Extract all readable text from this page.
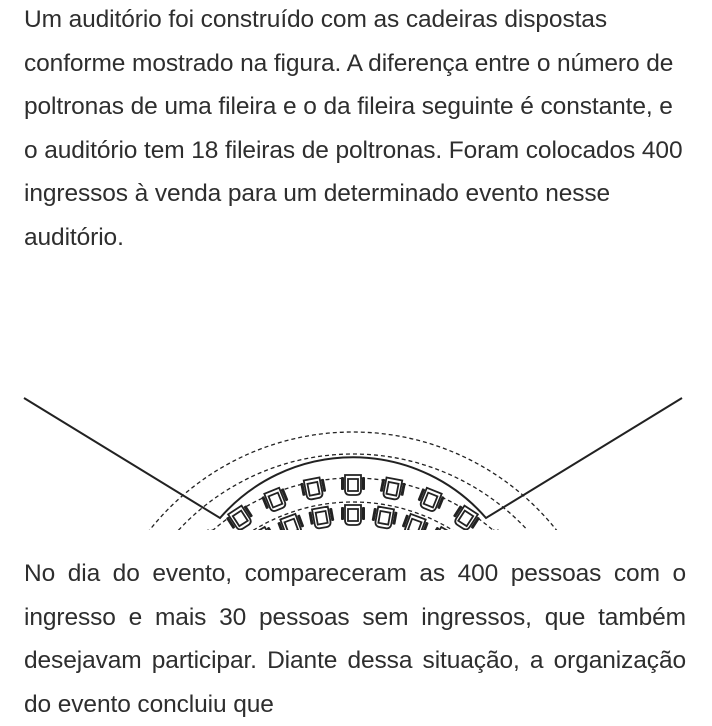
Um auditório foi construído com as cadeiras dispostas conforme mostrado na figura. A diferença entre o número de poltronas de uma fileira e o da fileira seguinte é constante, e o auditório tem 18 fileiras de poltronas. Foram colocados 400 ingressos à venda para um determinado evento nesse auditório.

No dia do evento, compareceram as 400 pessoas com o ingresso e mais 30 pessoas sem ingressos, que também desejavam participar. Diante dessa situação, a organização do evento concluiu que
